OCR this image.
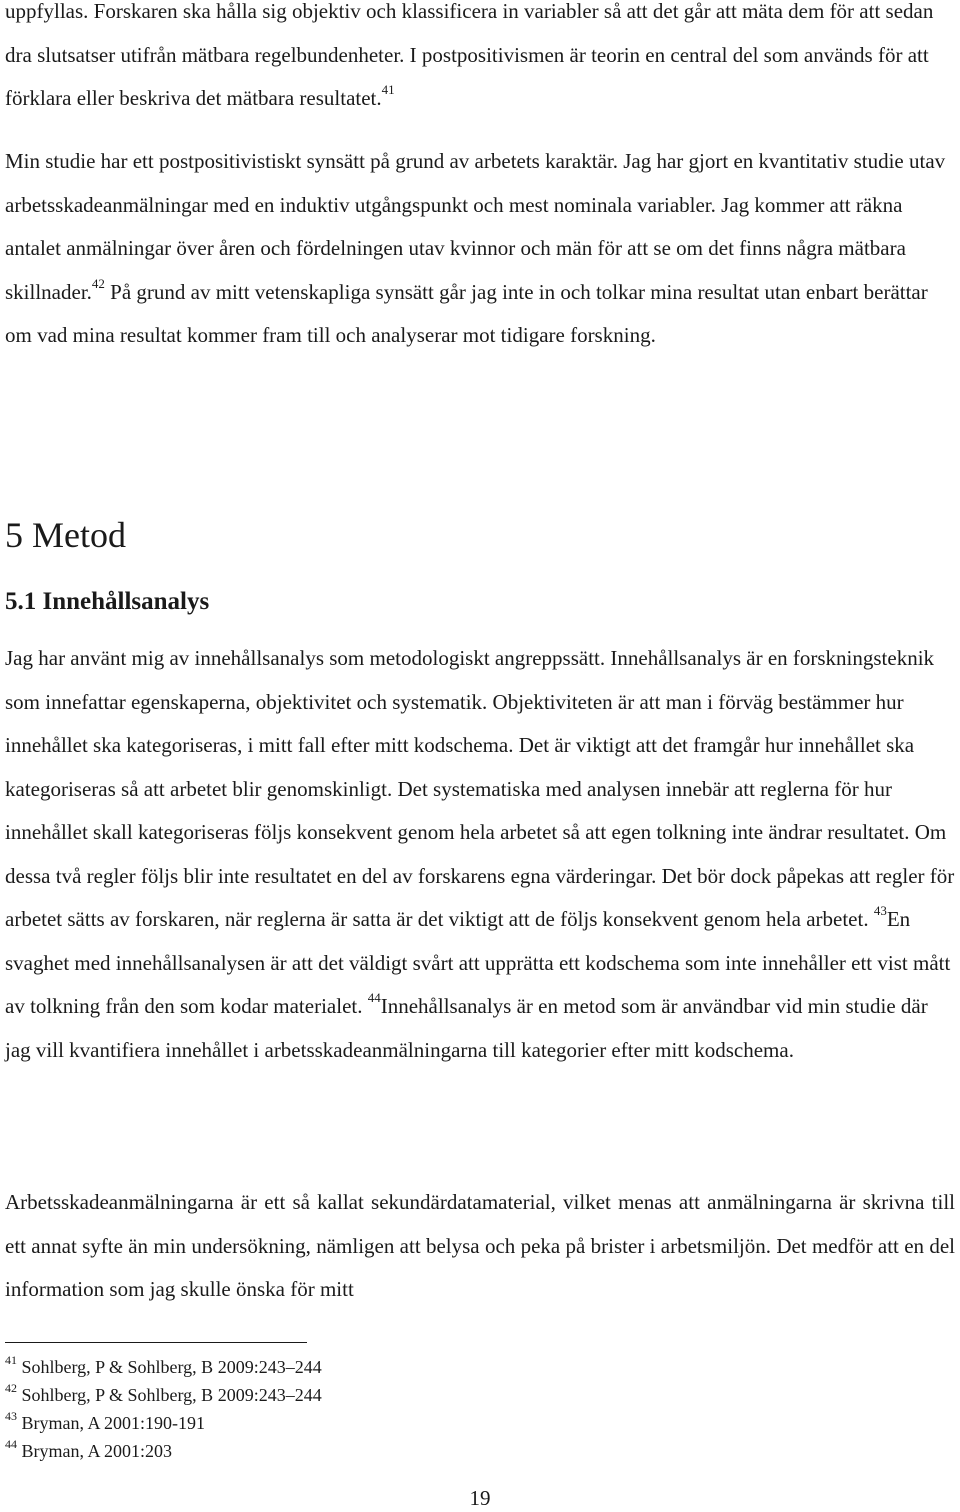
uppfyllas. Forskaren ska hålla sig objektiv och klassificera in variabler så att det går att mäta dem för att sedan dra slutsatser utifrån mätbara regelbundenheter. I postpositivismen är teorin en central del som används för att förklara eller beskriva det mätbara resultatet.$^{41}$

Min studie har ett postpositivistiskt synsätt på grund av arbetets karaktär. Jag har gjort en kvantitativ studie utav arbetsskadeanmälningar med en induktiv utgångspunkt och mest nominala variabler. Jag kommer att räkna antalet anmälningar över åren och fördelningen utav kvinnor och män för att se om det finns några mätbara skillnader.$^{42}$ På grund av mitt vetenskapliga synsätt går jag inte in och tolkar mina resultat utan enbart berättar om vad mina resultat kommer fram till och analyserar mot tidigare forskning.

5 Metod
5.1 Innehållsanalys

Jag har använt mig av innehållsanalys som metodologiskt angreppssätt. Innehållsanalys är en forskningsteknik som innefattar egenskaperna, objektivitet och systematik. Objektiviteten är att man i förväg bestämmer hur innehållet ska kategoriseras, i mitt fall efter mitt kodschema. Det är viktigt att det framgår hur innehållet ska kategoriseras så att arbetet blir genomskinligt. Det systematiska med analysen innebär att reglerna för hur innehållet skall kategoriseras följs konsekvent genom hela arbetet så att egen tolkning inte ändrar resultatet. Om dessa två regler följs blir inte resultatet en del av forskarens egna värderingar. Det bör dock påpekas att regler för arbetet sätts av forskaren, när reglerna är satta är det viktigt att de följs konsekvent genom hela arbetet. $^{43}$En svaghet med innehållsanalysen är att det väldigt svårt att upprätta ett kodschema som inte innehåller ett vist mått av tolkning från den som kodar materialet. $^{44}$Innehållsanalys är en metod som är användbar vid min studie där jag vill kvantifiera innehållet i arbetsskadeanmälningarna till kategorier efter mitt kodschema.

Arbetsskadeanmälningarna är ett så kallat sekundärdatamaterial, vilket menas att anmälningarna är skrivna till ett annat syfte än min undersökning, nämligen att belysa och peka på brister i arbetsmiljön. Det medför att en del information som jag skulle önska för mitt

$^{41}$ Sohlberg, P & Sohlberg, B 2009:243–244

$^{42}$ Sohlberg, P & Sohlberg, B 2009:243–244

$^{43}$ Bryman, A 2001:190-191

$^{44}$ Bryman, A 2001:203

19
